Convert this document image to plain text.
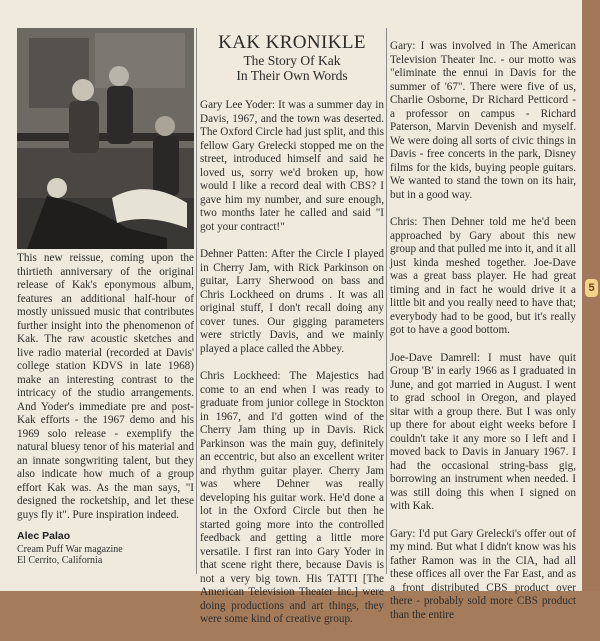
This new reissue, coming upon the thirtieth anniversary of the original release of Kak's eponymous album, features an additional half-hour of mostly unissued music that contributes further insight into the phenomenon of Kak. The raw acoustic sketches and live radio material (recorded at Davis' college station KDVS in late 1968) make an interesting contrast to the intricacy of the studio arrangements. And Yoder's immediate pre and post-Kak efforts - the 1967 demo and his 1969 solo release - exemplify the natural bluesy tenor of his material and an innate songwriting talent, but they also indicate how much of a group effort Kak was. As the man says, "I designed the rocketship, and let these guys fly it". Pure inspiration indeed.

Alec Palao
Cream Puff War magazine
El Cerrito, California
KAK KRONIKLE
The Story Of Kak
In Their Own Words

Gary Lee Yoder: It was a summer day in Davis, 1967, and the town was deserted. The Oxford Circle had just split, and this fellow Gary Grelecki stopped me on the street, introduced himself and said he loved us, sorry we'd broken up, how would I like a record deal with CBS? I gave him my number, and sure enough, two months later he called and said "I got your contract!"

Dehner Patten: After the Circle I played in Cherry Jam, with Rick Parkinson on guitar, Larry Sherwood on bass and Chris Lockheed on drums . It was all original stuff, I don't recall doing any cover tunes. Our gigging parameters were strictly Davis, and we mainly played a place called the Abbey.

Chris Lockheed: The Majestics had come to an end when I was ready to graduate from junior college in Stockton in 1967, and I'd gotten wind of the Cherry Jam thing up in Davis. Rick Parkinson was the main guy, definitely an eccentric, but also an excellent writer and rhythm guitar player. Cherry Jam was where Dehner was really developing his guitar work. He'd done a lot in the Oxford Circle but then he started going more into the controlled feedback and getting a little more versatile. I first ran into Gary Yoder in that scene right there, because Davis is not a very big town. His TATTI [The American Television Theater Inc.] were doing productions and art things, they were some kind of creative group.

Gary: I was involved in The American Television Theater Inc. - our motto was "eliminate the ennui in Davis for the summer of '67". There were five of us, Charlie Osborne, Dr Richard Petticord - a professor on campus - Richard Paterson, Marvin Devenish and myself. We were doing all sorts of civic things in Davis - free concerts in the park, Disney films for the kids, buying people guitars. We wanted to stand the town on its hair, but in a good way.

Chris: Then Dehner told me he'd been approached by Gary about this new group and that pulled me into it, and it all just kinda meshed together. Joe-Dave was a great bass player. He had great timing and in fact he would drive it a little bit and you really need to have that; everybody had to be good, but it's really got to have a good bottom.

Joe-Dave Damrell: I must have quit Group 'B' in early 1966 as I graduated in June, and got married in August. I went to grad school in Oregon, and played sitar with a group there. But I was only up there for about eight weeks before I couldn't take it any more so I left and I moved back to Davis in January 1967. I had the occasional string-bass gig, borrowing an instrument when needed. I was still doing this when I signed on with Kak.

Gary: I'd put Gary Grelecki's offer out of my mind. But what I didn't know was his father Ramon was in the CIA, had all these offices all over the Far East, and as a front distributed CBS product over there - probably sold more CBS product than the entire

5
